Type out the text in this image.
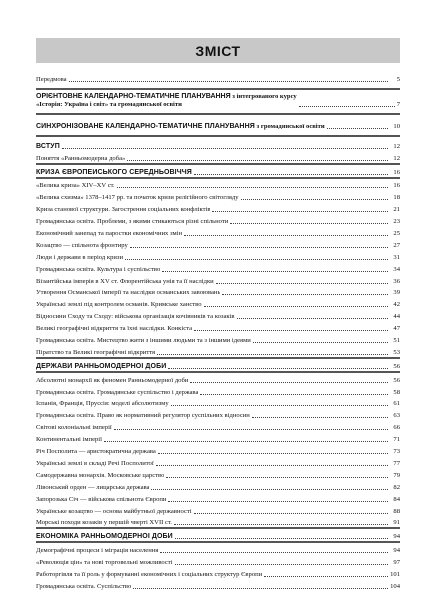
ЗМІСТ
Передмова	5
ОРІЄНТОВНЕ КАЛЕНДАРНО-ТЕМАТИЧНЕ ПЛАНУВАННЯ з інтегрованого курсу
«Історія: Україна і світ» та громадянської освіти	7
СИНХРОНІЗОВАНЕ КАЛЕНДАРНО-ТЕМАТИЧНЕ ПЛАНУВАННЯ з громадянської освіти	10
ВСТУП	12
Поняття «Ранньомодерна доба»	12
КРИЗА ЄВРОПЕЙСЬКОГО СЕРЕДНЬОВІЧЧЯ	16
«Велика криза» XIV–XV ст.	16
«Велика схизма» 1378–1417 рр. та початок кризи релігійного світогляду	18
Криза станової структури. Загострення соціальних конфліктів	21
Громадянська освіта. Проблеми, з якими стикаються різні спільноти	23
Економічний занепад та паростки економічних змін	25
Козацтво — спільнота фронтиру	27
Люди і держави в період кризи	31
Громадянська освіта. Культура і суспільство	34
Візантійська імперія в XV ст. Флорентійська унія та її наслідки	36
Утворення Османської імперії та наслідки османських завоювань	39
Українські землі під контролем османів. Кримське ханство	42
Відносини Сходу та Сходу: військова організація кочівників та козаків	44
Великі географічні відкриття та їхні наслідки. Конкіста	47
Громадянська освіта. Мистецтво жити з іншими людьми та з іншими ідеями	51
Піратство та Великі географічні відкриття	53
ДЕРЖАВИ РАННЬОМОДЕРНОЇ ДОБИ	56
Абсолютні монархії як феномен Ранньомодерної доби	56
Громадянська освіта. Громадянське суспільство і держава	58
Іспанія, Франція, Пруссія: моделі абсолютизму	61
Громадянська освіта. Право як нормативний регулятор суспільних відносин	63
Світові колоніальні імперії	66
Континентальні імперії	71
Річ Посполита — аристократична держава	73
Українські землі в складі Речі Посполитої	77
Самодержавна монархія. Московське царство	79
Лівонський орден — лицарська держава	82
Запорозька Січ — військова спільнота Європи	84
Українське козацтво — основа майбутньої державності	88
Морські походи козаків у першій чверті XVII ст.	91
ЕКОНОМІКА РАННЬОМОДЕРНОЇ ДОБИ	94
Демографічні процеси і міграція населення	94
«Революція цін» та нові торговельні можливості	97
Работоргівля та її роль у формуванні економічних і соціальних структур Європи	101
Громадянська освіта. Суспільство	104
